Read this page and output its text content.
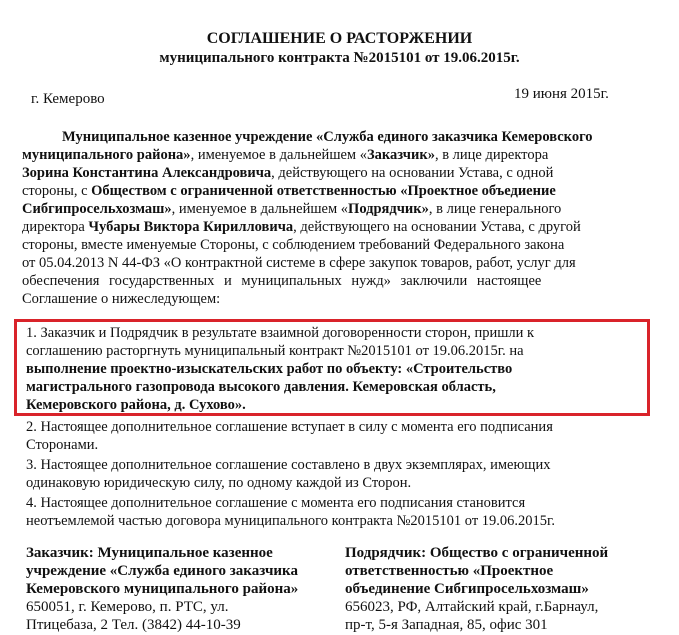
СОГЛАШЕНИЕ О РАСТОРЖЕНИИ
муниципального контракта №2015101 от 19.06.2015г.
г. Кемерово	19 июня 2015г.
Муниципальное казенное учреждение «Служба единого заказчика Кемеровского
муниципального района», именуемое в дальнейшем «Заказчик», в лице директора
Зорина Константина Александровича, действующего на основании Устава, с одной
стороны, с Обществом с ограниченной ответственностью «Проектное объедиение
Сибгипросельхозмаш», именуемое в дальнейшем «Подрядчик», в лице генерального
директора Чубары Виктора Кирилловича, действующего на основании Устава, с другой
стороны, вместе именуемые Стороны, с соблюдением требований Федерального закона
от 05.04.2013 N 44-ФЗ «О контрактной системе в сфере закупок товаров, работ, услуг для
обеспечения государственных и муниципальных нужд» заключили настоящее
Соглашение о нижеследующем:
1. Заказчик и Подрядчик в результате взаимной договоренности сторон, пришли к
соглашению расторгнуть муниципальный контракт №2015101 от 19.06.2015г. на
выполнение проектно-изыскательских работ по объекту: «Строительство
магистрального газопровода высокого давления. Кемеровская область,
Кемеровского района, д. Сухово».
2. Настоящее дополнительное соглашение вступает в силу с момента его подписания
Сторонами.
3. Настоящее дополнительное соглашение составлено в двух экземплярах, имеющих
одинаковую юридическую силу, по одному каждой из Сторон.
4. Настоящее дополнительное соглашение с момента его подписания становится
неотъемлемой частью договора муниципального контракта №2015101 от 19.06.2015г.
Заказчик: Муниципальное казенное
учреждение «Служба единого заказчика
Кемеровского муниципального района»
650051, г. Кемерово, п. РТС, ул.
Птицебаза, 2 Тел. (3842) 44-10-39
Подрядчик: Общество с ограниченной
ответственностью «Проектное
объединение Сибгипросельхозмаш»
656023, РФ, Алтайский край, г.Барнаул,
пр-т, 5-я Западная, 85, офис 301
